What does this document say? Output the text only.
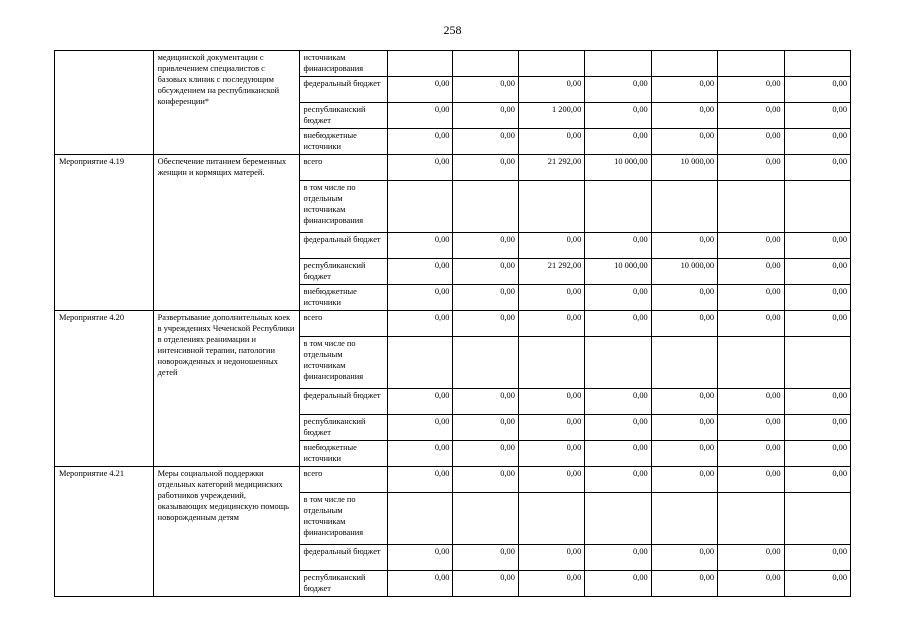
258
	медицинской документации с привлечением специалистов с базовых клиник с последующим обсуждением на республиканской конференции*	источникам финансирования							
		федеральный бюджет	0,00	0,00	0,00	0,00	0,00	0,00	0,00
		республиканский бюджет	0,00	0,00	1 200,00	0,00	0,00	0,00	0,00
		внебюджетные источники	0,00	0,00	0,00	0,00	0,00	0,00	0,00
Мероприятие 4.19	Обеспечение питанием беременных женщин и кормящих матерей.	всего	0,00	0,00	21 292,00	10 000,00	10 000,00	0,00	0,00
		в том числе по отдельным источникам финансирования							
		федеральный бюджет	0,00	0,00	0,00	0,00	0,00	0,00	0,00
		республиканский бюджет	0,00	0,00	21 292,00	10 000,00	10 000,00	0,00	0,00
		внебюджетные источники	0,00	0,00	0,00	0,00	0,00	0,00	0,00
Мероприятие 4.20	Развертывание дополнительных коек в учреждениях Чеченской Республики в отделениях реанимации и интенсивной терапии, патологии новорожденных и недоношенных детей	всего	0,00	0,00	0,00	0,00	0,00	0,00	0,00
		в том числе по отдельным источникам финансирования							
		федеральный бюджет	0,00	0,00	0,00	0,00	0,00	0,00	0,00
		республиканский бюджет	0,00	0,00	0,00	0,00	0,00	0,00	0,00
		внебюджетные источники	0,00	0,00	0,00	0,00	0,00	0,00	0,00
Мероприятие 4.21	Меры социальной поддержки отдельных категорий медицинских работников учреждений, оказывающих медицинскую помощь новорожденным детям	всего	0,00	0,00	0,00	0,00	0,00	0,00	0,00
		в том числе по отдельным источникам финансирования							
		федеральный бюджет	0,00	0,00	0,00	0,00	0,00	0,00	0,00
		республиканский бюджет	0,00	0,00	0,00	0,00	0,00	0,00	0,00
